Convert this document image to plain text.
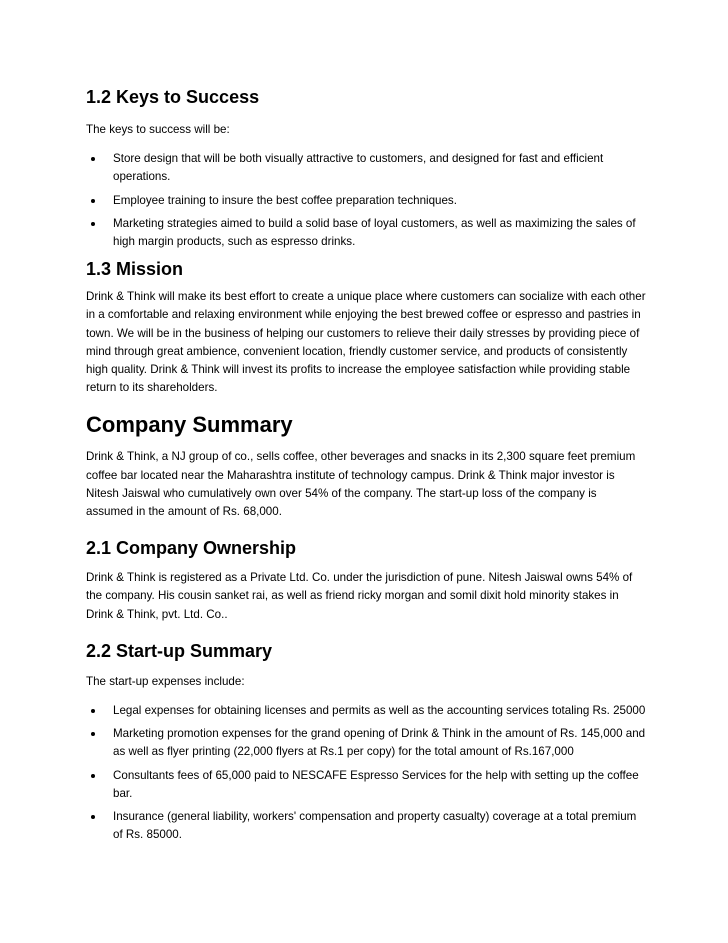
1.2 Keys to Success

The keys to success will be:

Store design that will be both visually attractive to customers, and designed for fast and efficient operations.
Employee training to insure the best coffee preparation techniques.
Marketing strategies aimed to build a solid base of loyal customers, as well as maximizing the sales of high margin products, such as espresso drinks.
1.3 Mission

Drink & Think will make its best effort to create a unique place where customers can socialize with each other in a comfortable and relaxing environment while enjoying the best brewed coffee or espresso and pastries in town. We will be in the business of helping our customers to relieve their daily stresses by providing piece of mind through great ambience, convenient location, friendly customer service, and products of consistently high quality. Drink & Think will invest its profits to increase the employee satisfaction while providing stable return to its shareholders.

Company Summary

Drink & Think, a NJ group of co., sells coffee, other beverages and snacks in its 2,300 square feet premium coffee bar located near the Maharashtra institute of technology campus. Drink & Think major investor is Nitesh Jaiswal who cumulatively own over 54% of the company. The start-up loss of the company is assumed in the amount of Rs. 68,000.

2.1 Company Ownership

Drink & Think is registered as a Private Ltd. Co. under the jurisdiction of pune. Nitesh Jaiswal owns 54% of the company. His cousin sanket rai, as well as friend ricky morgan and somil dixit hold minority stakes in Drink & Think, pvt. Ltd. Co..

2.2 Start-up Summary

The start-up expenses include:

Legal expenses for obtaining licenses and permits as well as the accounting services totaling Rs. 25000
Marketing promotion expenses for the grand opening of Drink & Think in the amount of Rs. 145,000 and as well as flyer printing (22,000 flyers at Rs.1 per copy) for the total amount of Rs.167,000
Consultants fees of 65,000 paid to NESCAFE Espresso Services for the help with setting up the coffee bar.
Insurance (general liability, workers' compensation and property casualty) coverage at a total premium of Rs. 85000.
